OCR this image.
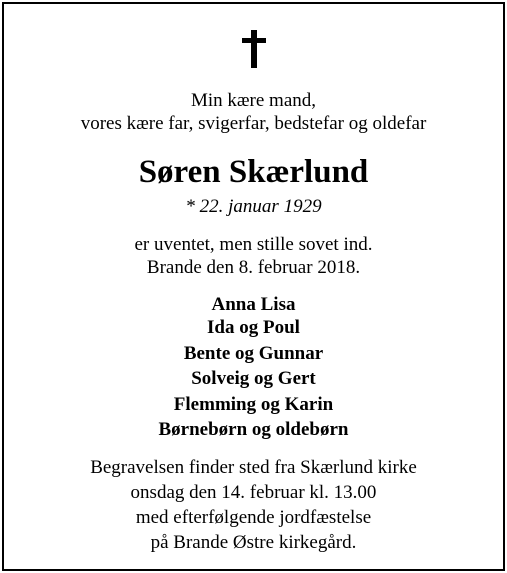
Min kære mand,
vores kære far, svigerfar, bedstefar og oldefar
Søren Skærlund
* 22. januar 1929
er uventet, men stille sovet ind.
Brande den 8. februar 2018.
Anna Lisa
Ida og Poul
Bente og Gunnar
Solveig og Gert
Flemming og Karin
Børnebørn og oldebørn
Begravelsen finder sted fra Skærlund kirke
onsdag den 14. februar kl. 13.00
med efterfølgende jordfæstelse
på Brande Østre kirkegård.
